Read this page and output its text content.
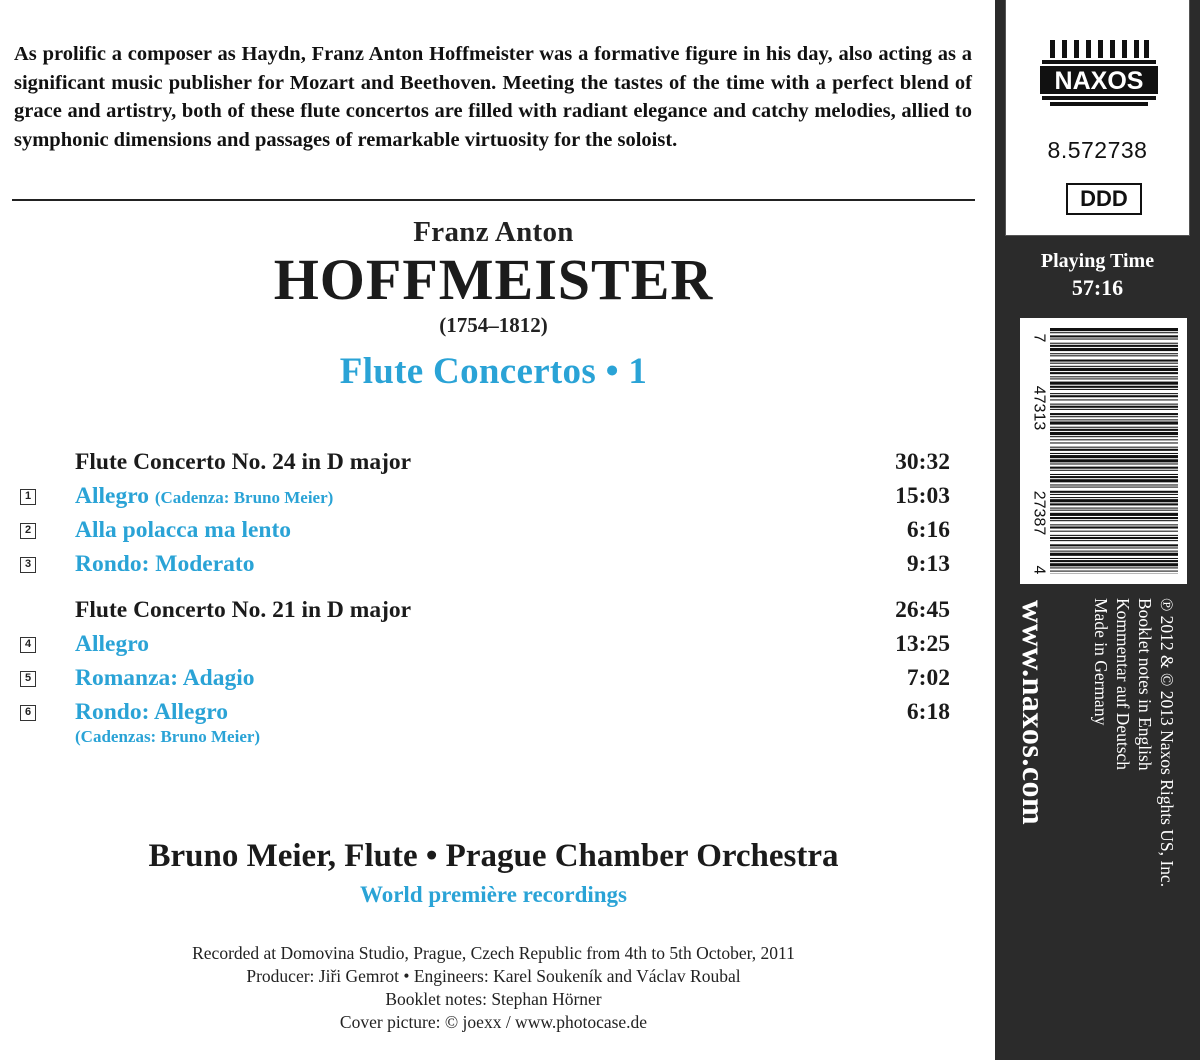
As prolific a composer as Haydn, Franz Anton Hoffmeister was a formative figure in his day, also acting as a significant music publisher for Mozart and Beethoven. Meeting the tastes of the time with a perfect blend of grace and artistry, both of these flute concertos are filled with radiant elegance and catchy melodies, allied to symphonic dimensions and passages of remarkable virtuosity for the soloist.

Franz Anton
HOFFMEISTER
(1754–1812)
Flute Concertos • 1
Flute Concerto No. 24 in D major	30:32
1 Allegro (Cadenza: Bruno Meier)	15:03
2 Alla polacca ma lento	6:16
3 Rondo: Moderato	9:13
Flute Concerto No. 21 in D major	26:45
4 Allegro	13:25
5 Romanza: Adagio	7:02
6 Rondo: Allegro	6:18
(Cadenzas: Bruno Meier)
Bruno Meier, Flute • Prague Chamber Orchestra
World première recordings
Recorded at Domovina Studio, Prague, Czech Republic from 4th to 5th October, 2011
Producer: Jiři Gemrot • Engineers: Karel Soukeník and Václav Roubal
Booklet notes: Stephan Hörner
Cover picture: © joexx / www.photocase.de
NAXOS
8.572738
DDD
Playing Time
57:16
7
47313
27387
4
www.naxos.com	℗ 2012 & © 2013 Naxos Rights US, Inc.
Booklet notes in English
Kommentar auf Deutsch
Made in Germany
